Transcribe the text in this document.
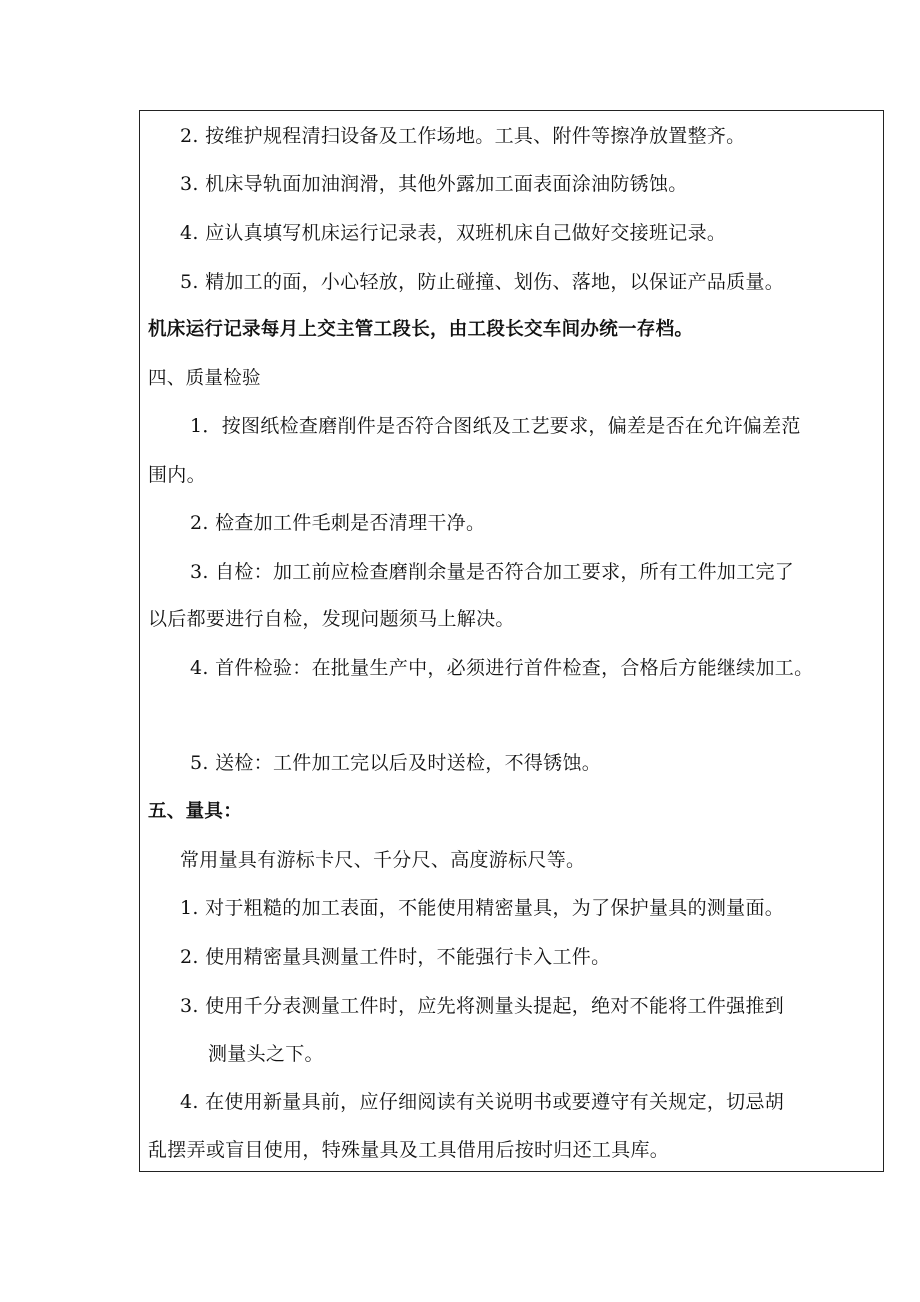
2. 按维护规程清扫设备及工作场地。工具、附件等擦净放置整齐。
3. 机床导轨面加油润滑，其他外露加工面表面涂油防锈蚀。
4. 应认真填写机床运行记录表，双班机床自己做好交接班记录。
5. 精加工的面，小心轻放，防止碰撞、划伤、落地，以保证产品质量。
机床运行记录每月上交主管工段长，由工段长交车间办统一存档。
四、质量检验
1．按图纸检查磨削件是否符合图纸及工艺要求，偏差是否在允许偏差范
围内。
2. 检查加工件毛刺是否清理干净。
3. 自检：加工前应检查磨削余量是否符合加工要求，所有工件加工完了
以后都要进行自检，发现问题须马上解决。
4. 首件检验：在批量生产中，必须进行首件检查，合格后方能继续加工。
5. 送检：工件加工完以后及时送检，不得锈蚀。
五、量具：
常用量具有游标卡尺、千分尺、高度游标尺等。
1. 对于粗糙的加工表面，不能使用精密量具，为了保护量具的测量面。
2. 使用精密量具测量工件时，不能强行卡入工件。
3. 使用千分表测量工件时，应先将测量头提起，绝对不能将工件强推到
测量头之下。
4. 在使用新量具前，应仔细阅读有关说明书或要遵守有关规定，切忌胡
乱摆弄或盲目使用，特殊量具及工具借用后按时归还工具库。
